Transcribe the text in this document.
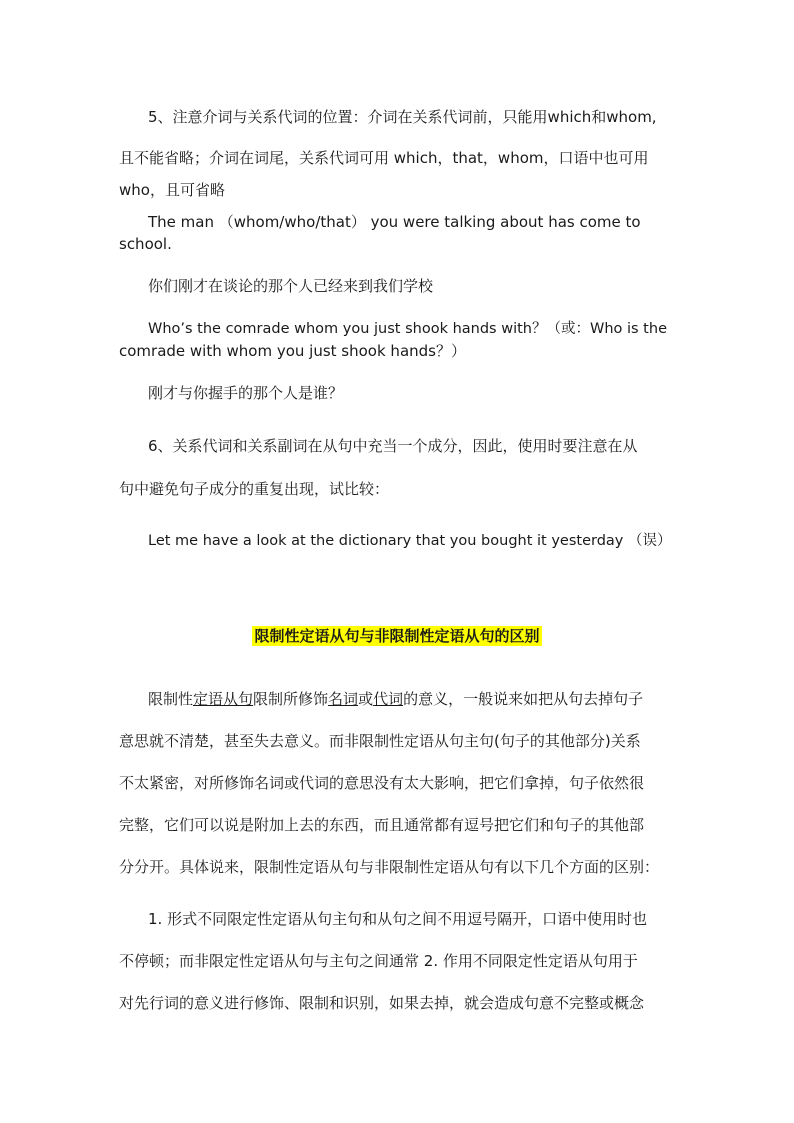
5、注意介词与关系代词的位置：介词在关系代词前，只能用which和whom,
且不能省略；介词在词尾，关系代词可用 which，that，whom，口语中也可用
who，且可省略
The man （whom/who/that） you were talking about has come to
school.
你们刚才在谈论的那个人已经来到我们学校
Who’s the comrade whom you just shook hands with？（或：Who is the
comrade with whom you just shook hands？）
刚才与你握手的那个人是谁？
6、关系代词和关系副词在从句中充当一个成分，因此，使用时要注意在从
句中避免句子成分的重复出现，试比较：
Let me have a look at the dictionary that you bought it yesterday （误）
限制性定语从句与非限制性定语从句的区别
限制性定语从句限制所修饰名词或代词的意义，一般说来如把从句去掉句子
意思就不清楚，甚至失去意义。而非限制性定语从句主句(句子的其他部分)关系
不太紧密，对所修饰名词或代词的意思没有太大影响，把它们拿掉，句子依然很
完整，它们可以说是附加上去的东西，而且通常都有逗号把它们和句子的其他部
分分开。具体说来，限制性定语从句与非限制性定语从句有以下几个方面的区别：
1. 形式不同限定性定语从句主句和从句之间不用逗号隔开，口语中使用时也
不停顿；而非限定性定语从句与主句之间通常 2. 作用不同限定性定语从句用于
对先行词的意义进行修饰、限制和识别，如果去掉，就会造成句意不完整或概念
